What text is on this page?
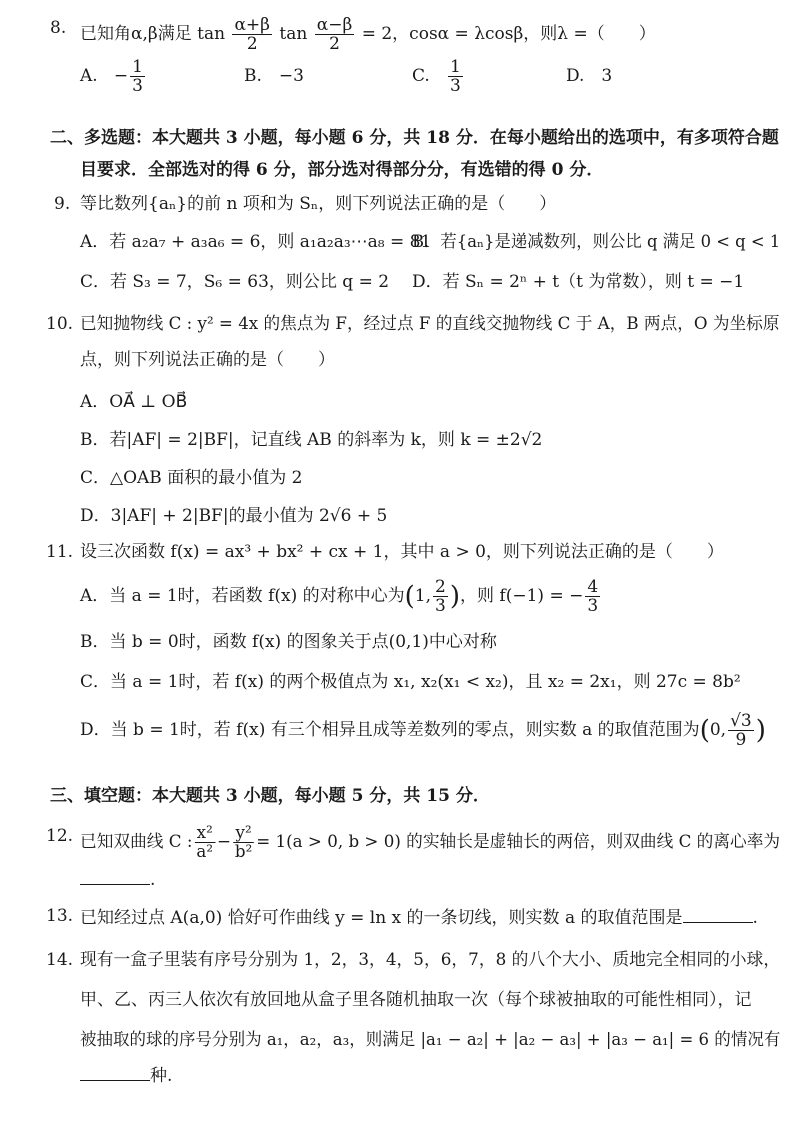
8. 已知角α,β满足 $\tan \frac{\alpha+\beta}{2}$ $\tan \frac{\alpha-\beta}{2} = 2$，cosα = λcosβ，则λ =（　　）
A. − $\frac{1}{3}$	B.　−3	C. $\frac{1}{3}$	D.　3
二、多选题：本大题共 3 小题，每小题 6 分，共 18 分．在每小题给出的选项中，有多项符合题
目要求．全部选对的得 6 分，部分选对得部分分，有选错的得 0 分．
9. 等比数列{aₙ}的前 n 项和为 Sₙ，则下列说法正确的是（　　）
A．若 a₂a₇ + a₃a₆ = 6，则 a₁a₂a₃⋯a₈ = 81
B．若{aₙ}是递减数列，则公比 q 满足 0 < q < 1
C．若 S₃ = 7，S₆ = 63，则公比 q = 2 D．若 Sₙ = 2ⁿ + t（t 为常数），则 t = −1
10. 已知抛物线 C : y² = 4x 的焦点为 F，经过点 F 的直线交抛物线 C 于 A，B 两点，O 为坐标原
点，则下列说法正确的是（　　）
A．OA⃗ ⊥ OB⃗
B．若|AF| = 2|BF|，记直线 AB 的斜率为 k，则 k = ±2√2
C．△OAB 面积的最小值为 2
D．3|AF| + 2|BF|的最小值为 2√6 + 5
11. 设三次函数 f(x) = ax³ + bx² + cx + 1，其中 a > 0，则下列说法正确的是（　　）
A．当 a = 1时，若函数 f(x) 的对称中心为(1, $\frac{2}{3}$ )，则 f(−1) = − $\frac{4}{3}$
B．当 b = 0时，函数 f(x) 的图象关于点(0,1)中心对称
C．当 a = 1时，若 f(x) 的两个极值点为 x₁, x₂(x₁ < x₂)，且 x₂ = 2x₁，则 27c = 8b²
D．当 b = 1时，若 f(x) 有三个相异且成等差数列的零点，则实数 a 的取值范围为(0, $\frac{√3}{9}$ )
三、填空题：本大题共 3 小题，每小题 5 分，共 15 分．
12. 已知双曲线 C : $\frac{\text{x²}}{\text{a²}} - \frac{\text{y²}}{\text{b²}} = 1(a > 0$, b > 0) 的实轴长是虚轴长的两倍，则双曲线 C 的离心率为
.
13. 已知经过点 A(a,0) 恰好可作曲线 y = ln x 的一条切线，则实数 a 的取值范围是	.
14. 现有一盒子里装有序号分别为 1，2，3，4，5，6，7，8 的八个大小、质地完全相同的小球，
甲、乙、丙三人依次有放回地从盒子里各随机抽取一次（每个球被抽取的可能性相同），记
被抽取的球的序号分别为 a₁，a₂，a₃，则满足 |a₁ − a₂| + |a₂ − a₃| + |a₃ − a₁| = 6 的情况有
种.
